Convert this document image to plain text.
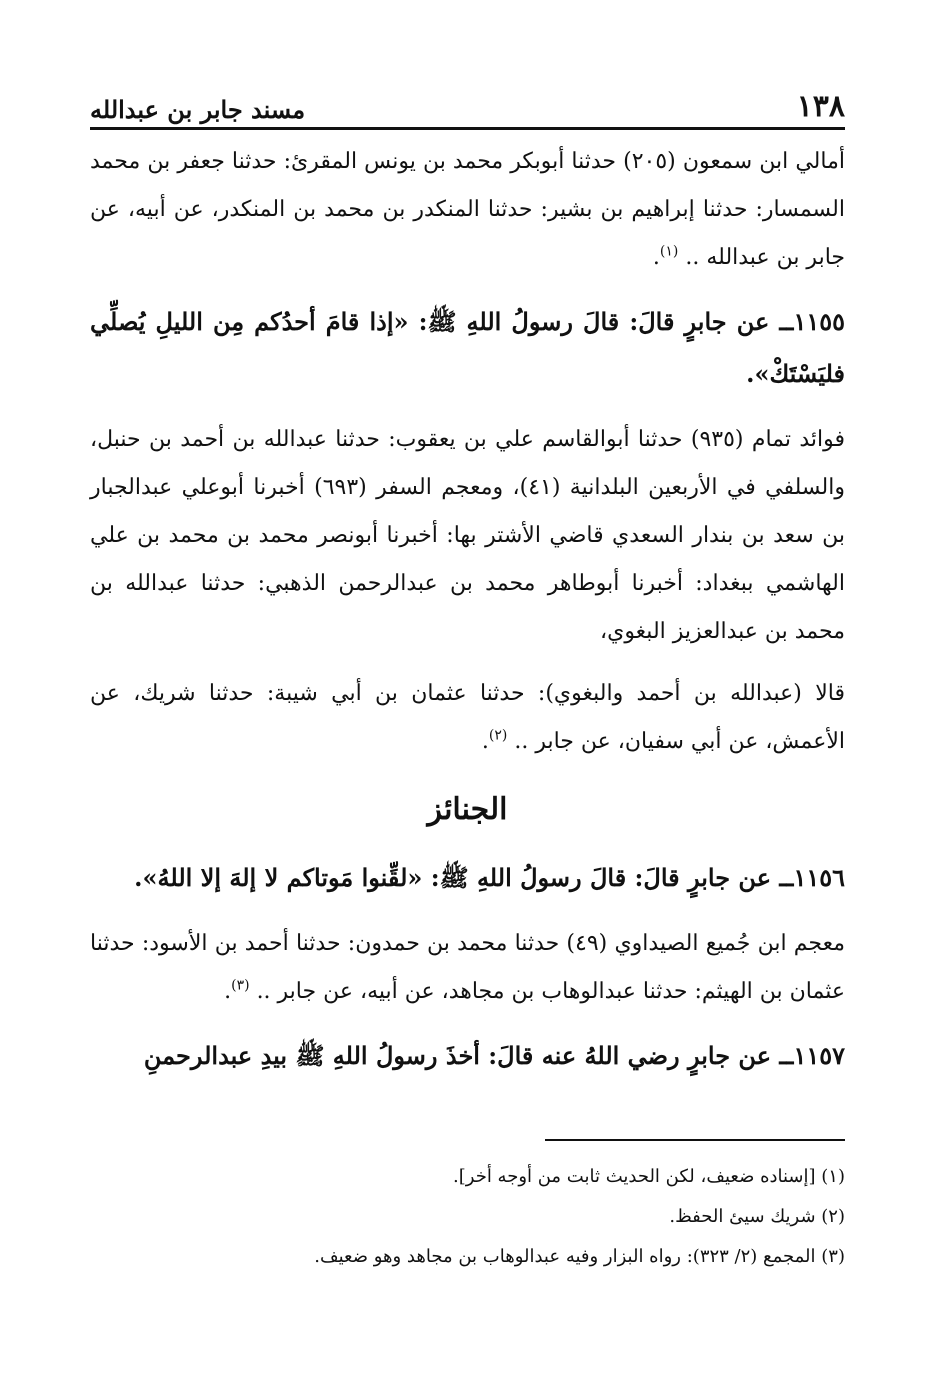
١٣٨
مسند جابر بن عبدالله

أمالي ابن سمعون (٢٠٥) حدثنا أبوبكر محمد بن يونس المقرئ: حدثنا جعفر بن محمد السمسار: حدثنا إبراهيم بن بشير: حدثنا المنكدر بن محمد بن المنكدر، عن أبيه، عن جابر بن عبدالله .. $^{(١)}$.

١١٥٥ــ عن جابرٍ قالَ: قالَ رسولُ اللهِ ﷺ: «إذا قامَ أحدُكم مِن الليلِ يُصلِّي فليَسْتَكْ».

فوائد تمام (٩٣٥) حدثنا أبوالقاسم علي بن يعقوب: حدثنا عبدالله بن أحمد بن حنبل، والسلفي في الأربعين البلدانية (٤١)، ومعجم السفر (٦٩٣) أخبرنا أبوعلي عبدالجبار بن سعد بن بندار السعدي قاضي الأشتر بها: أخبرنا أبونصر محمد بن محمد بن علي الهاشمي ببغداد: أخبرنا أبوطاهر محمد بن عبدالرحمن الذهبي: حدثنا عبدالله بن محمد بن عبدالعزيز البغوي،

قالا (عبدالله بن أحمد والبغوي): حدثنا عثمان بن أبي شيبة: حدثنا شريك، عن الأعمش، عن أبي سفيان، عن جابر .. $^{(٢)}$.

الجنائز

١١٥٦ــ عن جابرٍ قالَ: قالَ رسولُ اللهِ ﷺ: «لقِّنوا مَوتاكم لا إلهَ إلا اللهُ».

معجم ابن جُميع الصيداوي (٤٩) حدثنا محمد بن حمدون: حدثنا أحمد بن الأسود: حدثنا عثمان بن الهيثم: حدثنا عبدالوهاب بن مجاهد، عن أبيه، عن جابر .. $^{(٣)}$.

١١٥٧ــ عن جابرٍ رضي اللهُ عنه قالَ: أخذَ رسولُ اللهِ ﷺ بيدِ عبدالرحمنِ

(١) [إسناده ضعيف، لكن الحديث ثابت من أوجه أخر].
(٢) شريك سيئ الحفظ.
(٣) المجمع (٢/ ٣٢٣): رواه البزار وفيه عبدالوهاب بن مجاهد وهو ضعيف.
